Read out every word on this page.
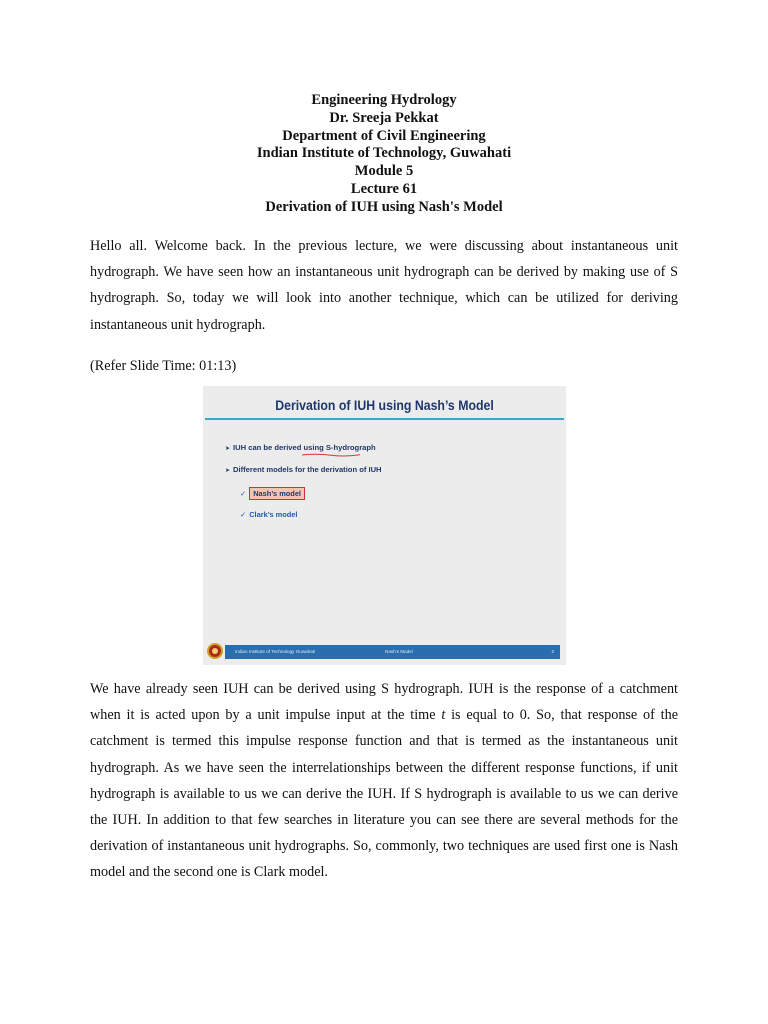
Engineering Hydrology
Dr. Sreeja Pekkat
Department of Civil Engineering
Indian Institute of Technology, Guwahati
Module 5
Lecture 61
Derivation of IUH using Nash's Model

Hello all. Welcome back. In the previous lecture, we were discussing about instantaneous unit hydrograph. We have seen how an instantaneous unit hydrograph can be derived by making use of S hydrograph. So, today we will look into another technique, which can be utilized for deriving instantaneous unit hydrograph.

(Refer Slide Time: 01:13)

Derivation of IUH using Nash’s Model
➤ IUH can be derived using S-hydrograph
➤ Different models for the derivation of IUH
✓ Nash’s model
✓ Clark’s model
Indian Institute of Technology Guwahati	Nash’s Model	2

We have already seen IUH can be derived using S hydrograph. IUH is the response of a catchment when it is acted upon by a unit impulse input at the time t is equal to 0. So, that response of the catchment is termed this impulse response function and that is termed as the instantaneous unit hydrograph. As we have seen the interrelationships between the different response functions, if unit hydrograph is available to us we can derive the IUH. If S hydrograph is available to us we can derive the IUH. In addition to that few searches in literature you can see there are several methods for the derivation of instantaneous unit hydrographs. So, commonly, two techniques are used first one is Nash model and the second one is Clark model.
